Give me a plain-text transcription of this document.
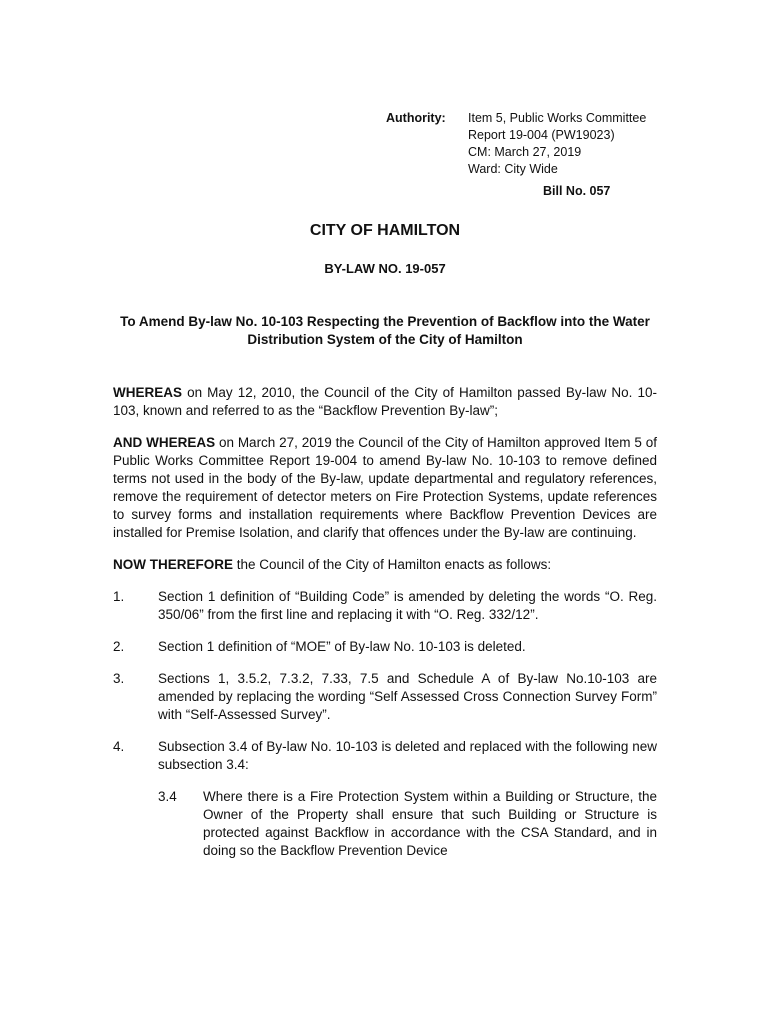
Authority: Item 5, Public Works Committee
Report 19-004 (PW19023)
CM: March 27, 2019
Ward: City Wide
Bill No. 057
CITY OF HAMILTON
BY-LAW NO. 19-057
To Amend By-law No. 10-103 Respecting the Prevention of Backflow into the Water Distribution System of the City of Hamilton

WHEREAS on May 12, 2010, the Council of the City of Hamilton passed By-law No. 10-103, known and referred to as the “Backflow Prevention By-law”;

AND WHEREAS on March 27, 2019 the Council of the City of Hamilton approved Item 5 of Public Works Committee Report 19-004 to amend By-law No. 10-103 to remove defined terms not used in the body of the By-law, update departmental and regulatory references, remove the requirement of detector meters on Fire Protection Systems, update references to survey forms and installation requirements where Backflow Prevention Devices are installed for Premise Isolation, and clarify that offences under the By-law are continuing.

NOW THEREFORE the Council of the City of Hamilton enacts as follows:

1.	Section 1 definition of “Building Code” is amended by deleting the words “O. Reg. 350/06” from the first line and replacing it with “O. Reg. 332/12”.
2.	Section 1 definition of “MOE” of By-law No. 10-103 is deleted.
3.	Sections 1, 3.5.2, 7.3.2, 7.33, 7.5 and Schedule A of By-law No.10-103 are amended by replacing the wording “Self Assessed Cross Connection Survey Form” with “Self-Assessed Survey”.
4.	Subsection 3.4 of By-law No. 10-103 is deleted and replaced with the following new subsection 3.4:
3.4	Where there is a Fire Protection System within a Building or Structure, the Owner of the Property shall ensure that such Building or Structure is protected against Backflow in accordance with the CSA Standard, and in doing so the Backflow Prevention Device
